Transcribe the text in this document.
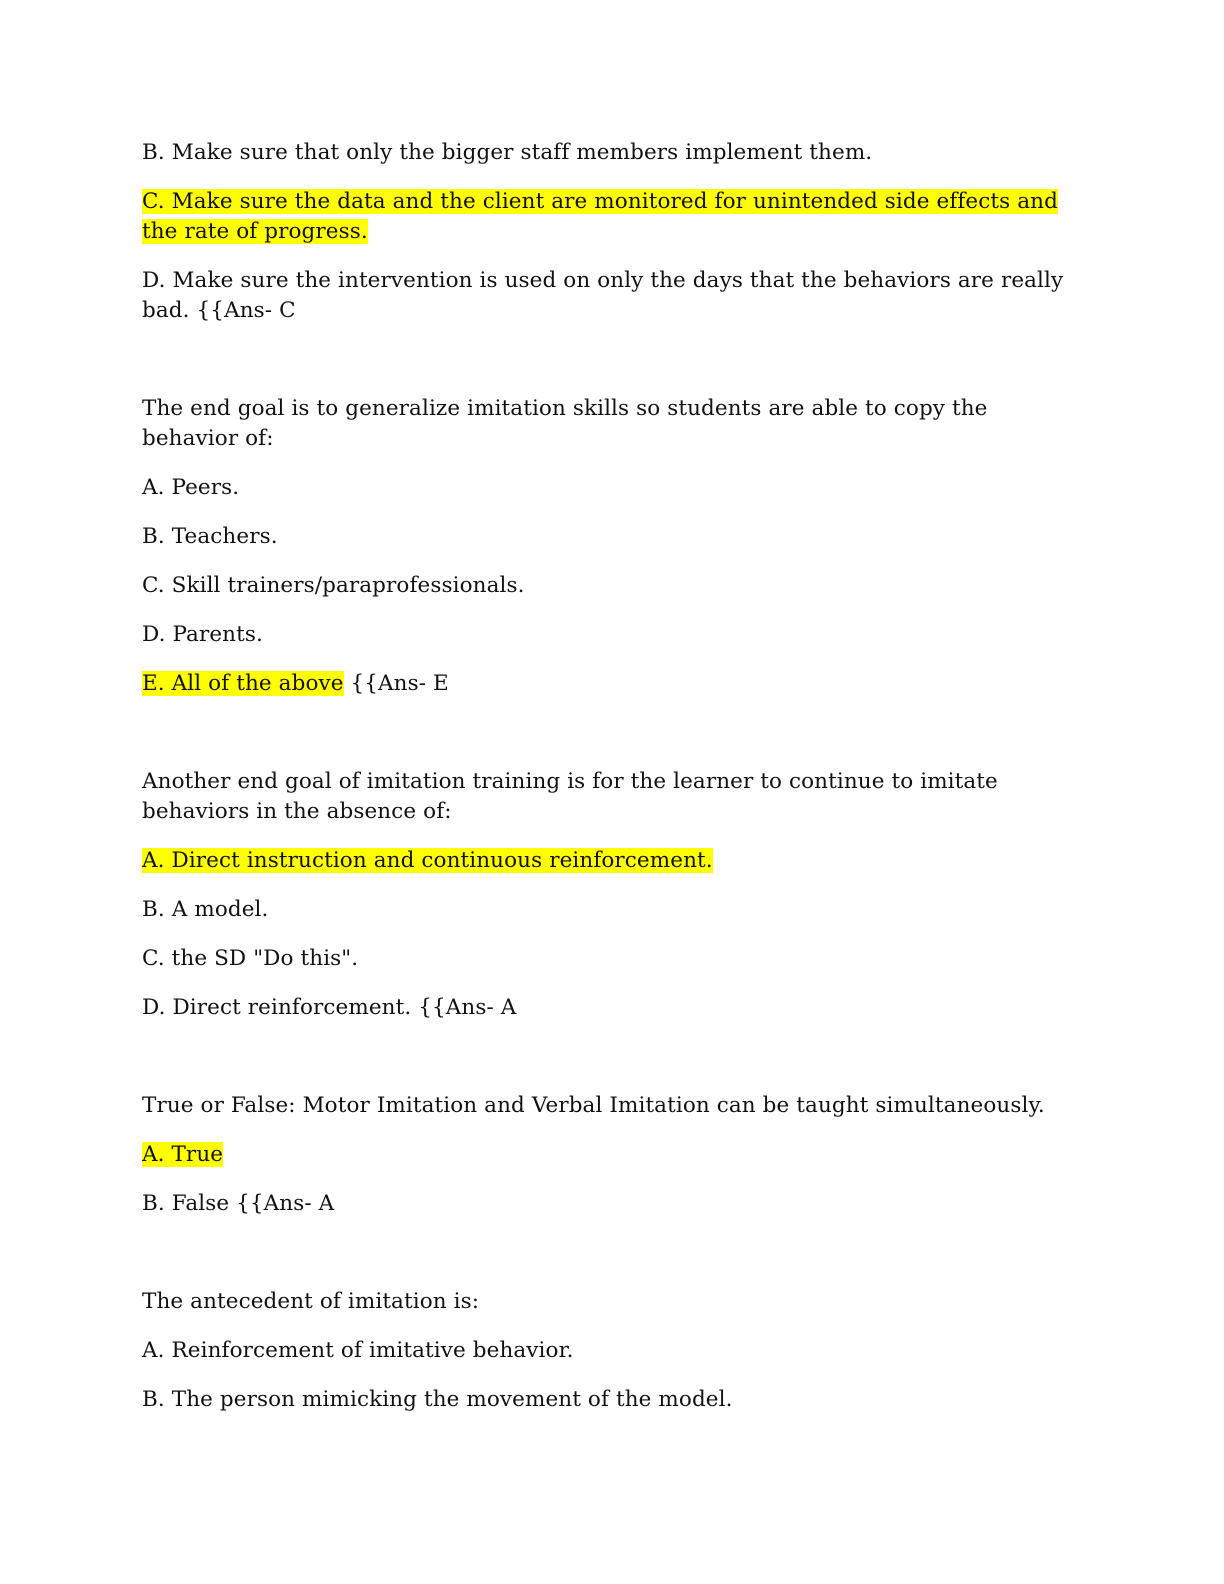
B. Make sure that only the bigger staff members implement them.

C. Make sure the data and the client are monitored for unintended side effects and the rate of progress.

D. Make sure the intervention is used on only the days that the behaviors are really bad. {{Ans- C

The end goal is to generalize imitation skills so students are able to copy the behavior of:

A. Peers.

B. Teachers.

C. Skill trainers/paraprofessionals.

D. Parents.

E. All of the above {{Ans- E

Another end goal of imitation training is for the learner to continue to imitate behaviors in the absence of:

A. Direct instruction and continuous reinforcement.

B. A model.

C. the SD "Do this".

D. Direct reinforcement. {{Ans- A

True or False: Motor Imitation and Verbal Imitation can be taught simultaneously.

A. True

B. False {{Ans- A

The antecedent of imitation is:

A. Reinforcement of imitative behavior.

B. The person mimicking the movement of the model.
